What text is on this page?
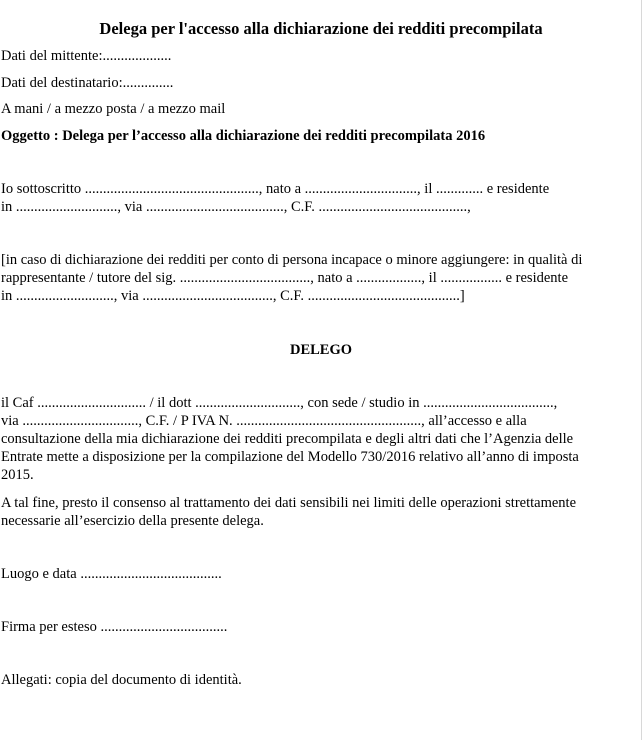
Delega per l'accesso alla dichiarazione dei redditi precompilata

Dati del mittente:...................

Dati del destinatario:..............

A mani / a mezzo posta / a mezzo mail

Oggetto : Delega per l’accesso alla dichiarazione dei redditi precompilata 2016

Io sottoscritto ................................................, nato a ..............................., il ............. e residente
in ............................, via ......................................, C.F. .........................................,
[in caso di dichiarazione dei redditi per conto di persona incapace o minore aggiungere: in qualità di
rappresentante / tutore del sig. ...................................., nato a .................., il ................. e residente
in ..........................., via ...................................., C.F. ..........................................]

DELEGO

il Caf .............................. / il dott ............................., con sede / studio in ....................................,
via ................................, C.F. / P IVA N. ..................................................., all’accesso e alla
consultazione della mia dichiarazione dei redditi precompilata e degli altri dati che l’Agenzia delle
Entrate mette a disposizione per la compilazione del Modello 730/2016 relativo all’anno di imposta
2015.
A tal fine, presto il consenso al trattamento dei dati sensibili nei limiti delle operazioni strettamente
necessarie all’esercizio della presente delega.

Luogo e data .......................................

Firma per esteso ...................................

Allegati: copia del documento di identità.
